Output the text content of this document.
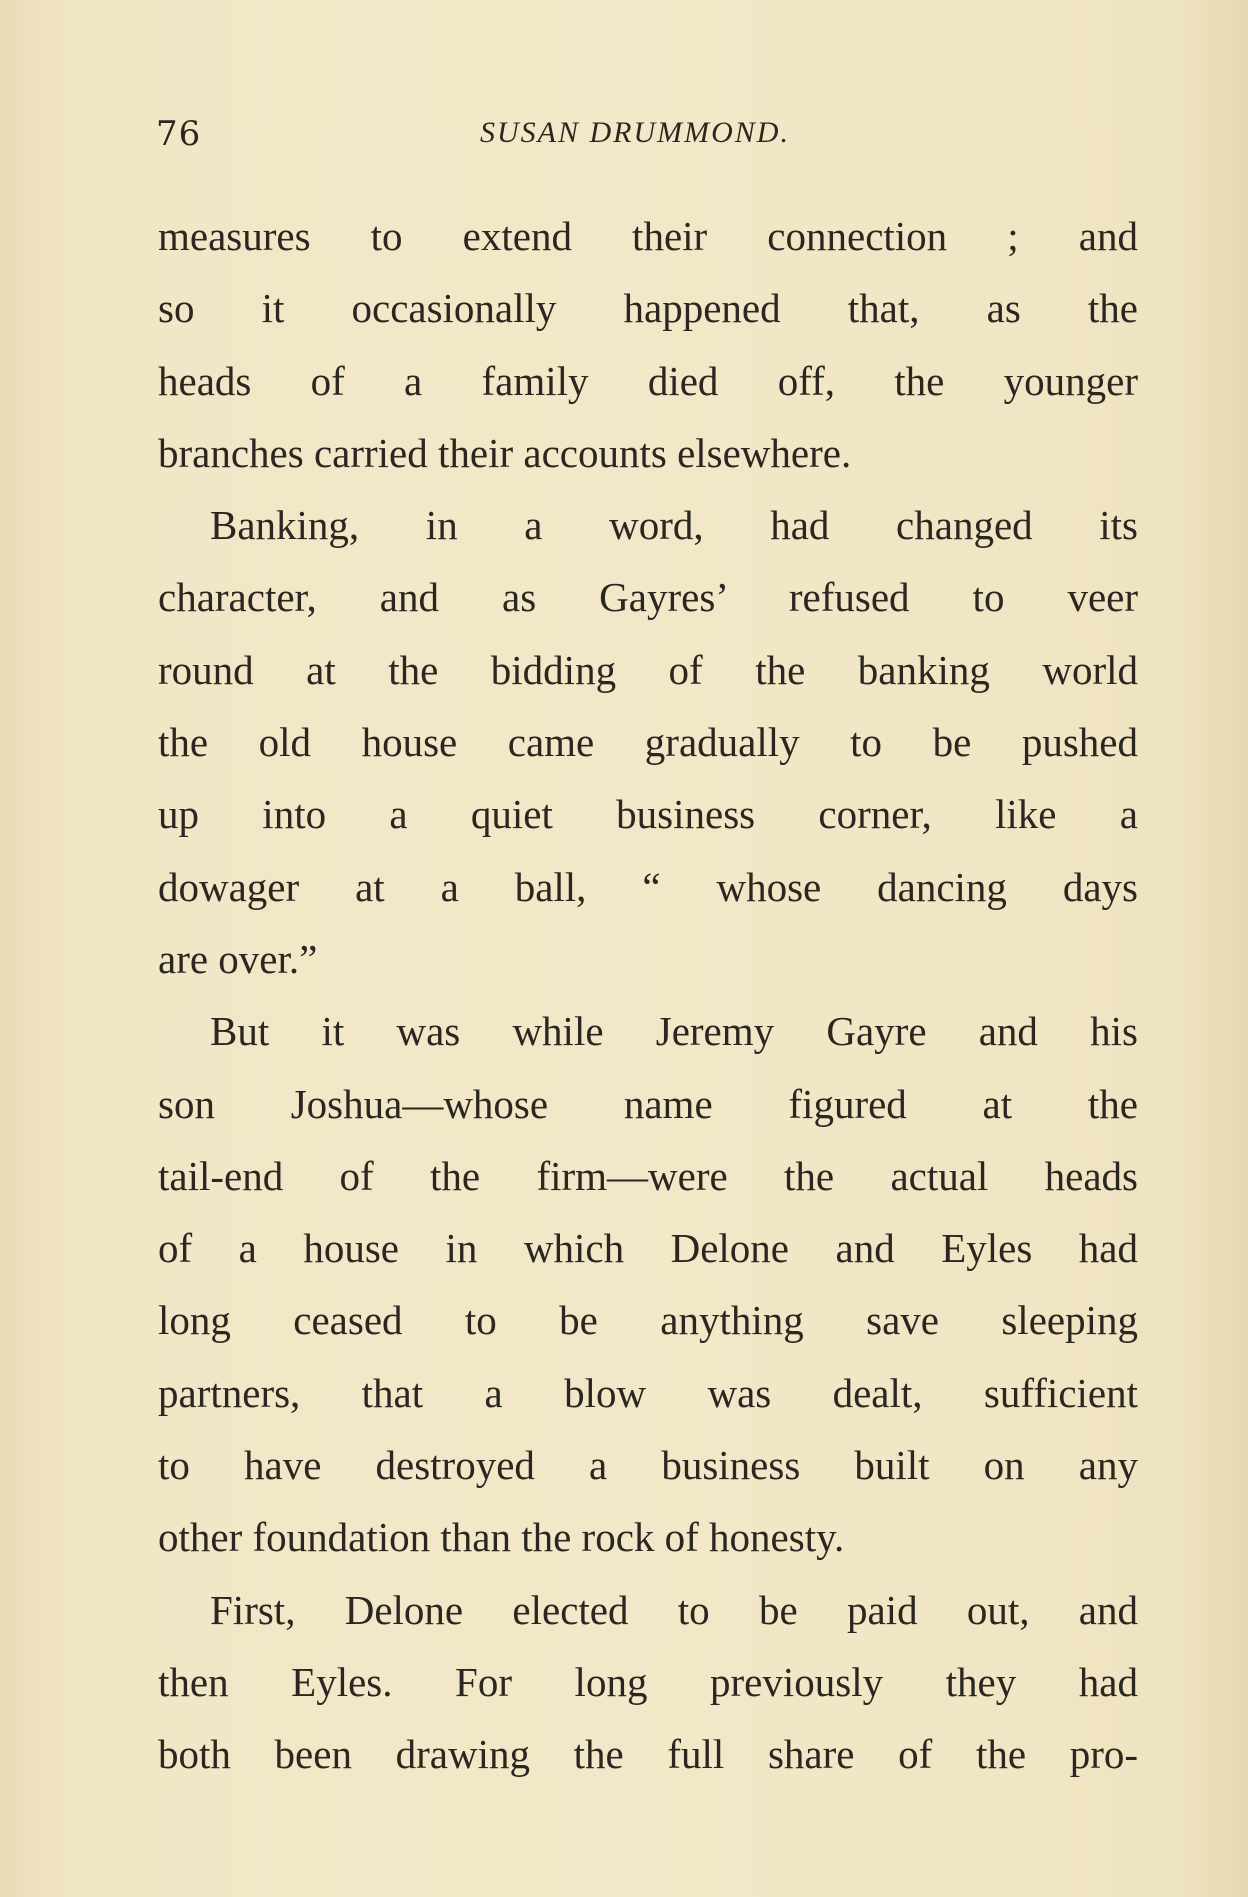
76	SUSAN DRUMMOND.
measures to extend their connection ; and
so it occasionally happened that, as the
heads of a family died off, the younger
branches carried their accounts elsewhere.
Banking, in a word, had changed its
character, and as Gayres’ refused to veer
round at the bidding of the banking world
the old house came gradually to be pushed
up into a quiet business corner, like a
dowager at a ball, “ whose dancing days
are over.”
But it was while Jeremy Gayre and his
son Joshua—whose name figured at the
tail-end of the firm—were the actual heads
of a house in which Delone and Eyles had
long ceased to be anything save sleeping
partners, that a blow was dealt, sufficient
to have destroyed a business built on any
other foundation than the rock of honesty.
First, Delone elected to be paid out, and
then Eyles. For long previously they had
both been drawing the full share of the pro-
